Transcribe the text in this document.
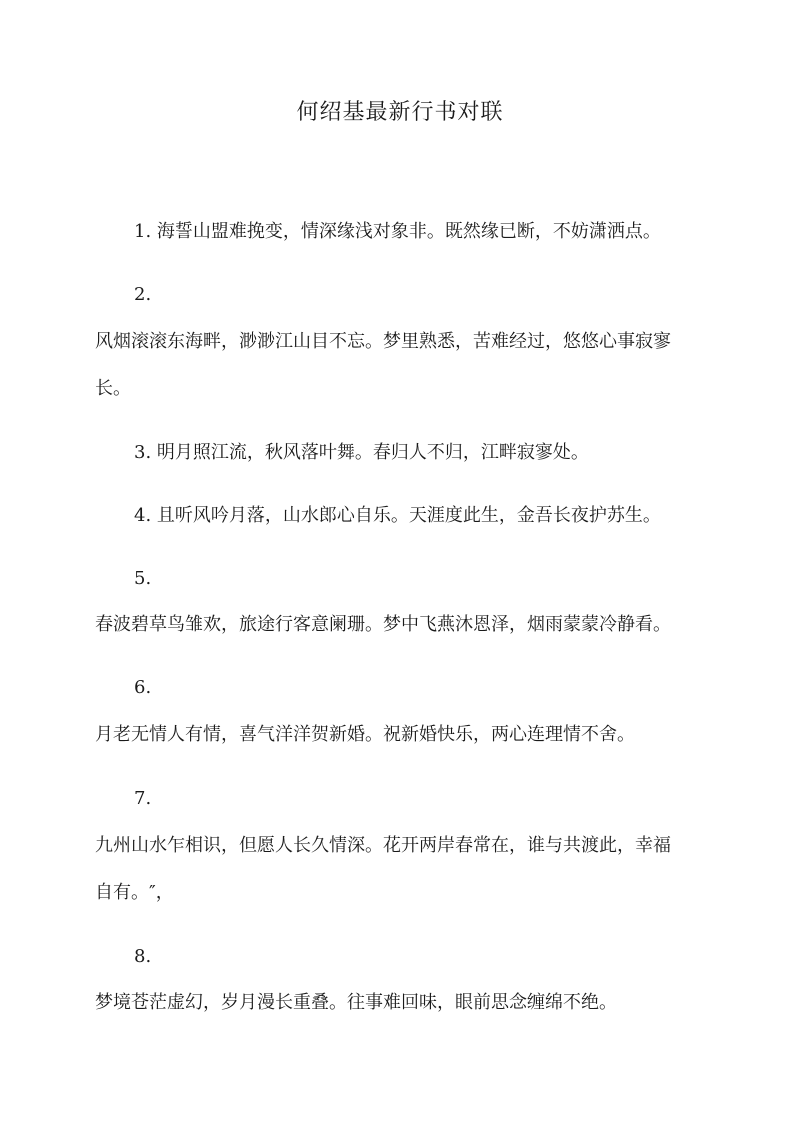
何绍基最新行书对联
1. 海誓山盟难挽变，情深缘浅对象非。既然缘已断，不妨潇洒点。
2.
风烟滚滚东海畔，渺渺江山目不忘。梦里熟悉，苦难经过，悠悠心事寂寥
长。
3. 明月照江流，秋风落叶舞。春归人不归，江畔寂寥处。
4. 且听风吟月落，山水郎心自乐。天涯度此生，金吾长夜护苏生。
5.
春波碧草鸟雏欢，旅途行客意阑珊。梦中飞燕沐恩泽，烟雨蒙蒙冷静看。
6.
月老无情人有情，喜气洋洋贺新婚。祝新婚快乐，两心连理情不舍。
7.
九州山水乍相识，但愿人长久情深。花开两岸春常在，谁与共渡此，幸福
自有。″，
8.
梦境苍茫虚幻，岁月漫长重叠。往事难回味，眼前思念缠绵不绝。
